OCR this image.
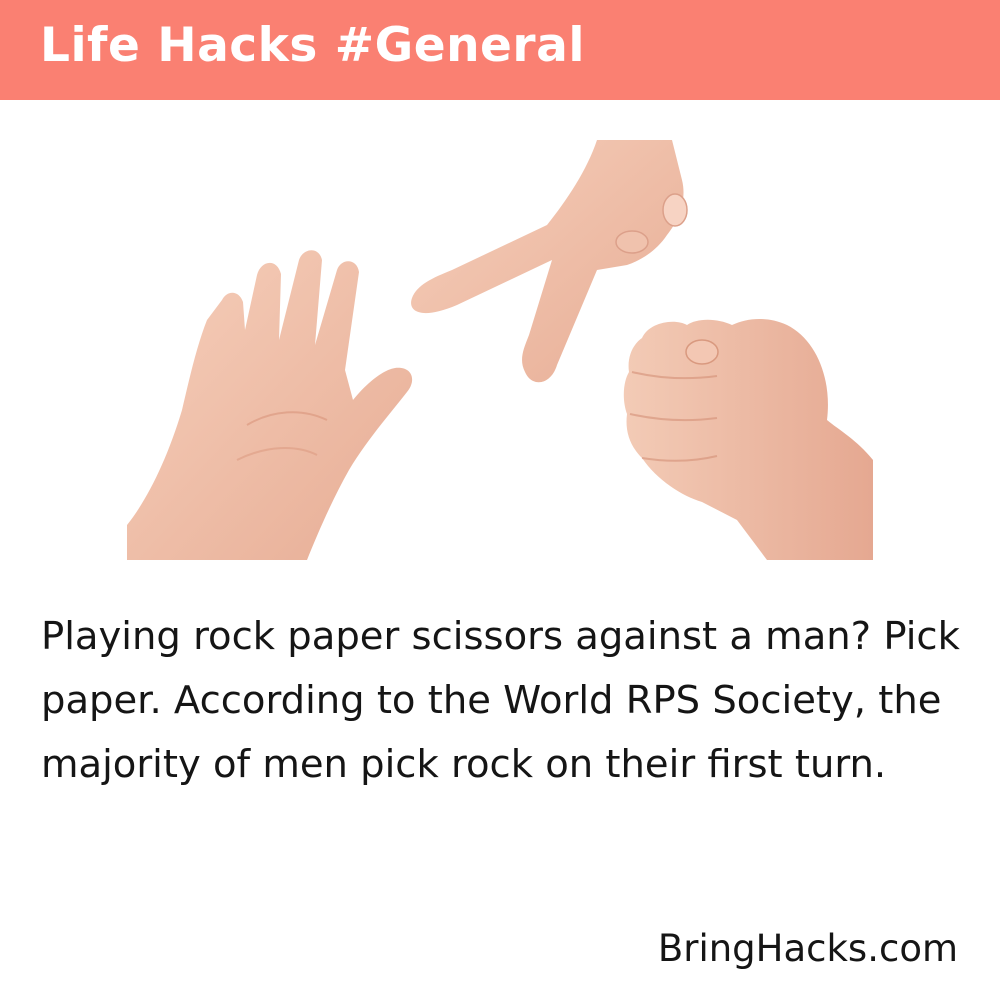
Life Hacks #General
Playing rock paper scissors against a man? Pick paper. According to the World RPS Society, the majority of men pick rock on their first turn.
BringHacks.com
